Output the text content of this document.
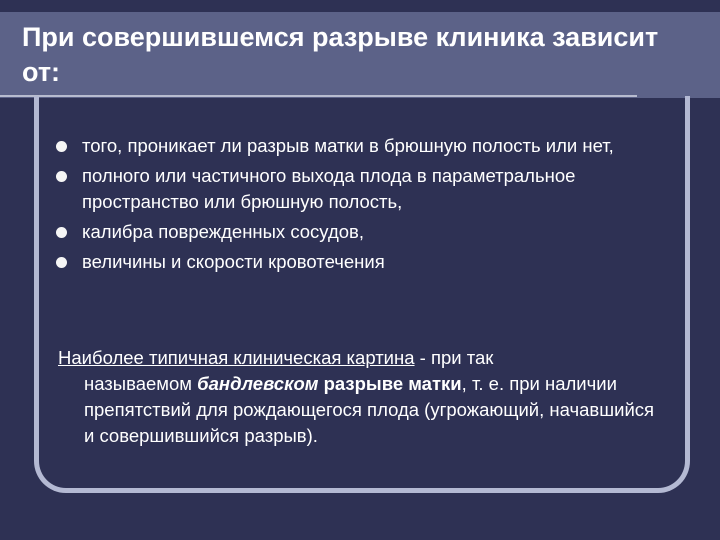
При совершившемся разрыве клиника зависит от:
того, проникает ли разрыв матки в брюшную полость или нет,
полного или частичного выхода плода в параметральное пространство или брюшную полость,
калибра поврежденных сосудов,
величины и скорости кровотечения
Наиболее типичная клиническая картина - при так
называемом бандлевском разрыве матки, т. е. при наличии препятствий для рождающегося плода (угрожающий, начавшийся и совершившийся разрыв).
